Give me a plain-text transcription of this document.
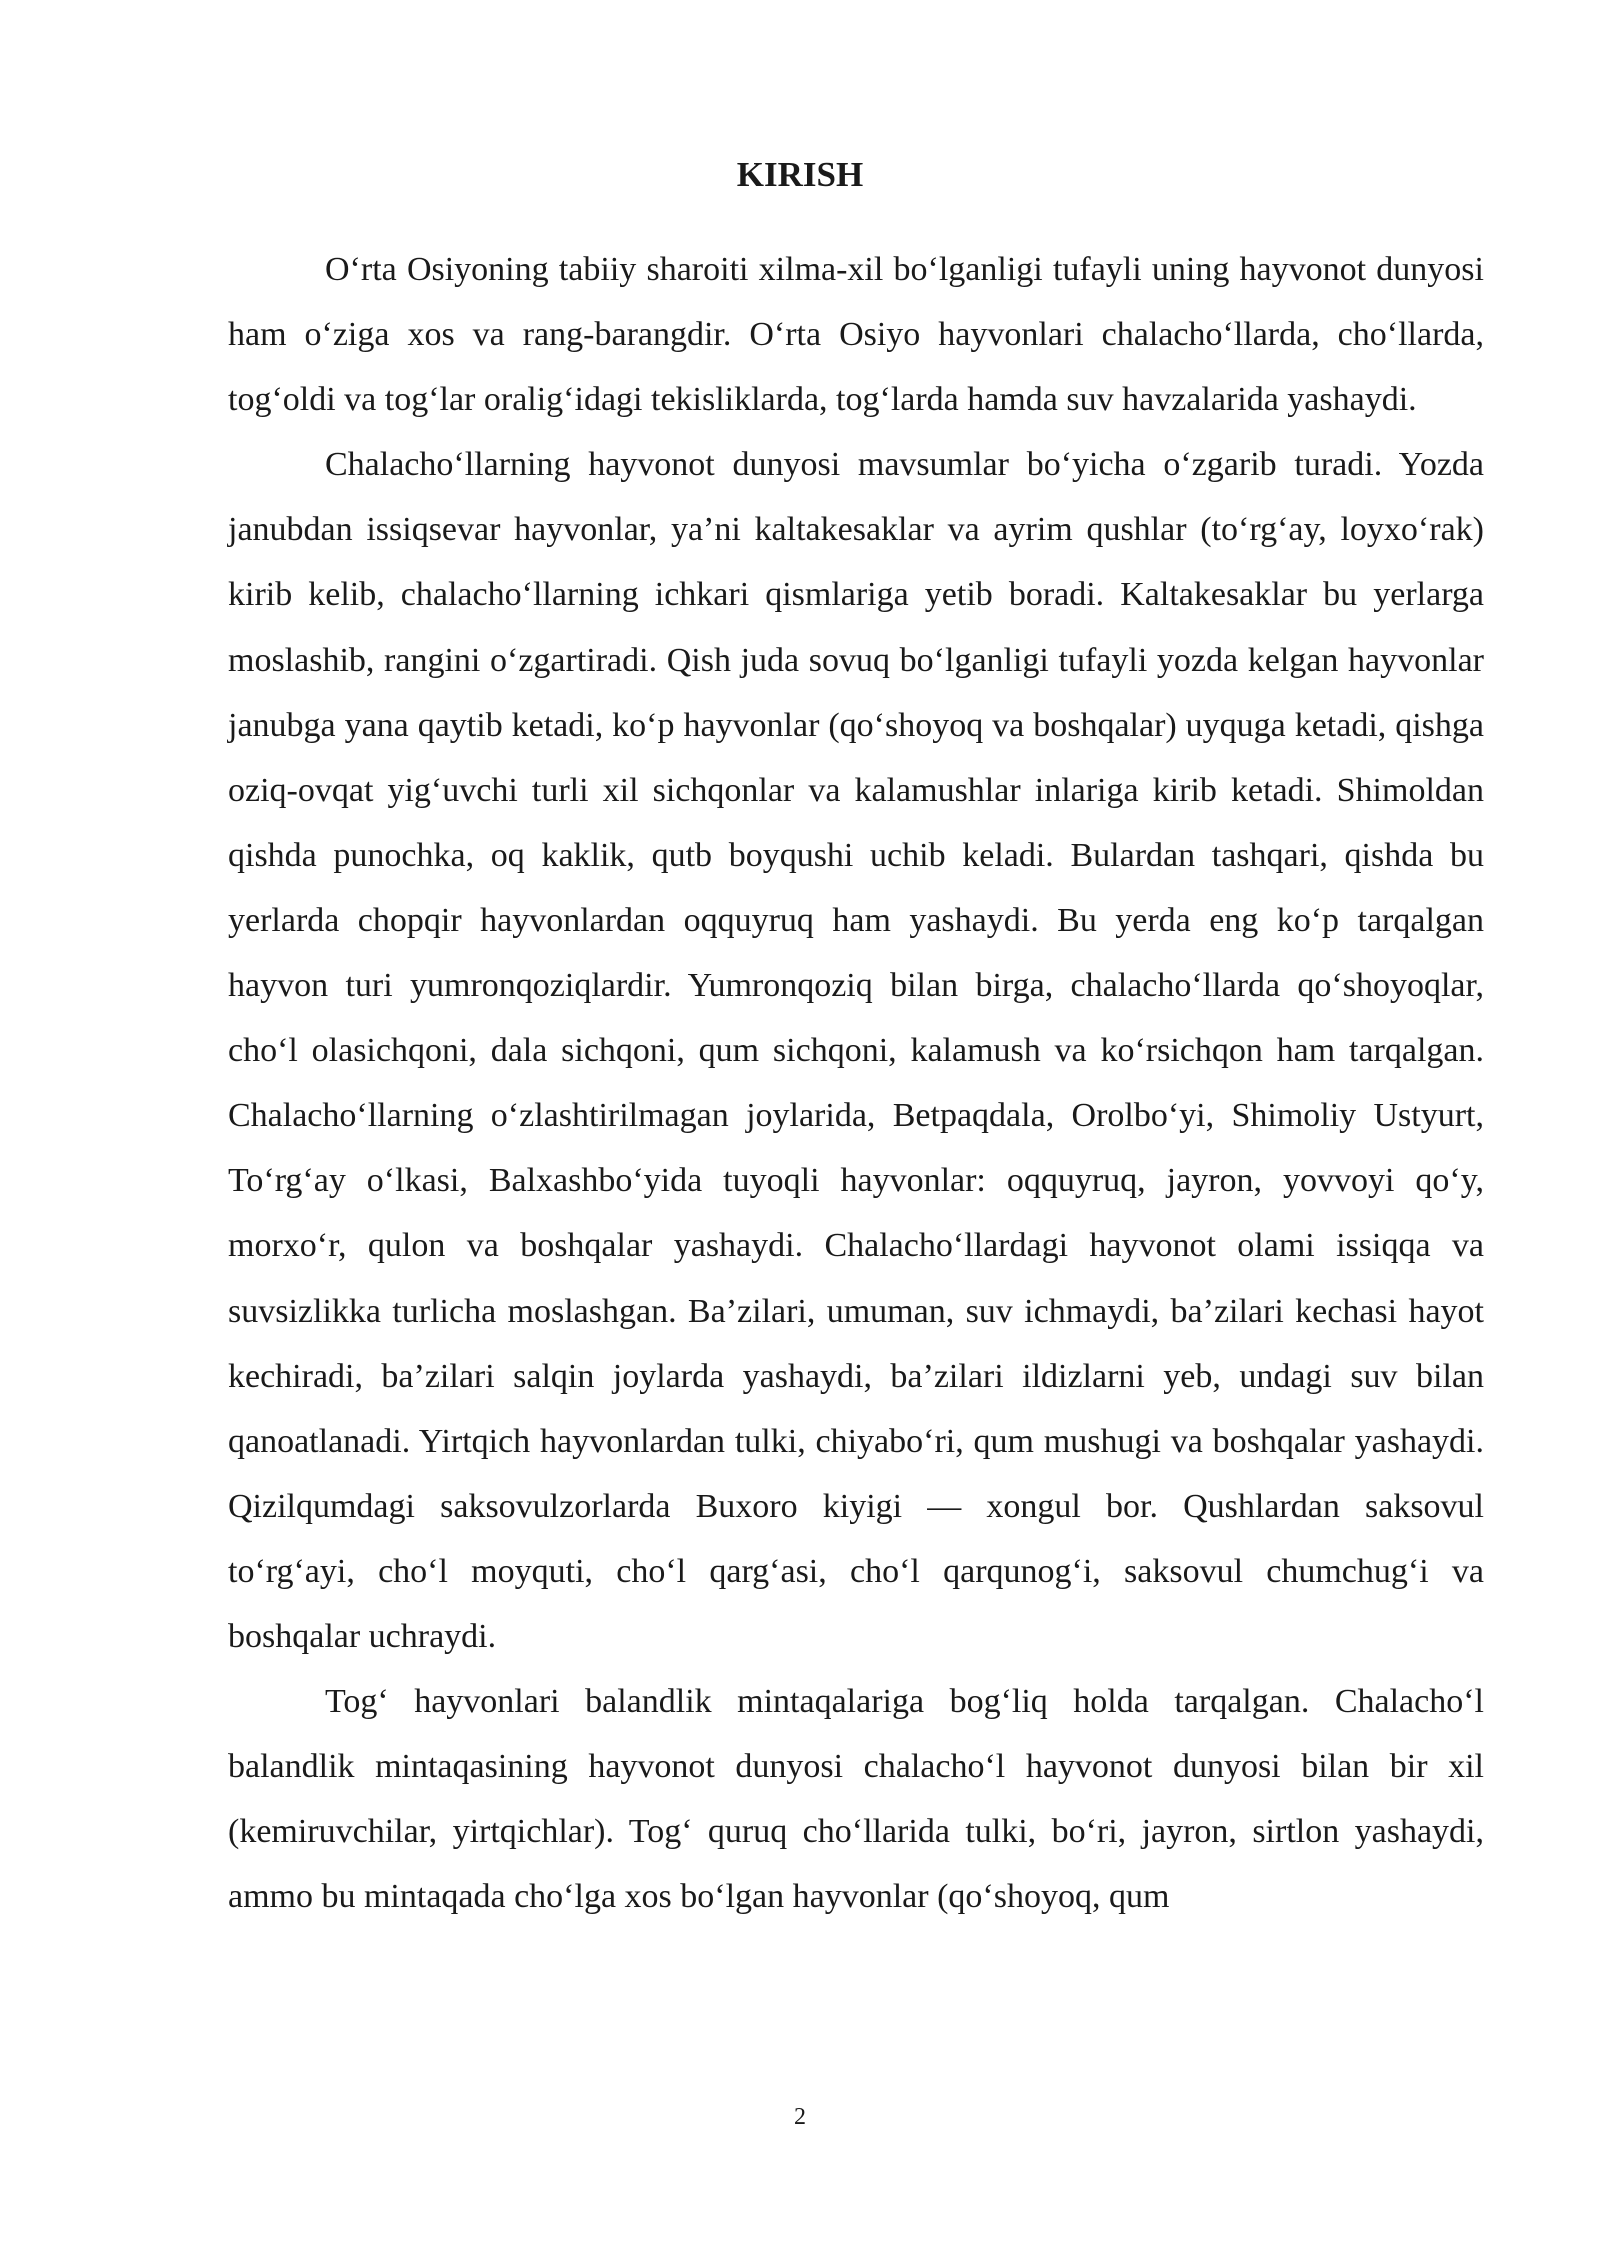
KIRISH

O‘rta Osiyoning tabiiy sharoiti xilma-xil bo‘lganligi tufayli uning hayvonot dunyosi ham o‘ziga xos va rang-barangdir. O‘rta Osiyo hayvonlari chalacho‘llarda, cho‘llarda, tog‘oldi va tog‘lar oralig‘idagi tekisliklarda, tog‘larda hamda suv havzalarida yashaydi.

Chalacho‘llarning hayvonot dunyosi mavsumlar bo‘yicha o‘zgarib turadi. Yozda janubdan issiqsevar hayvonlar, ya’ni kaltakesaklar va ayrim qushlar (to‘rg‘ay, loyxo‘rak) kirib kelib, chalacho‘llarning ichkari qismlariga yetib boradi. Kaltakesaklar bu yerlarga moslashib, rangini o‘zgartiradi. Qish juda sovuq bo‘lganligi tufayli yozda kelgan hayvonlar janubga yana qaytib ketadi, ko‘p hayvonlar (qo‘shoyoq va boshqalar) uyquga ketadi, qishga oziq-ovqat yig‘uvchi turli xil sichqonlar va kalamushlar inlariga kirib ketadi. Shimoldan qishda punochka, oq kaklik, qutb boyqushi uchib keladi. Bulardan tashqari, qishda bu yerlarda chopqir hayvonlardan oqquyruq ham yashaydi. Bu yerda eng ko‘p tarqalgan hayvon turi yumronqoziqlardir. Yumronqoziq bilan birga, chalacho‘llarda qo‘shoyoqlar, cho‘l olasichqoni, dala sichqoni, qum sichqoni, kalamush va ko‘rsichqon ham tarqalgan. Chalacho‘llarning o‘zlashtirilmagan joylarida, Betpaqdala, Orolbo‘yi, Shimoliy Ustyurt, To‘rg‘ay o‘lkasi, Balxashbo‘yida tuyoqli hayvonlar: oqquyruq, jayron, yovvoyi qo‘y, morxo‘r, qulon va boshqalar yashaydi. Chalacho‘llardagi hayvonot olami issiqqa va suvsizlikka turlicha moslashgan. Ba’zilari, umuman, suv ichmaydi, ba’zilari kechasi hayot kechiradi, ba’zilari salqin joylarda yashaydi, ba’zilari ildizlarni yeb, undagi suv bilan qanoatlanadi. Yirtqich hayvonlardan tulki, chiyabo‘ri, qum mushugi va boshqalar yashaydi. Qizilqumdagi saksovulzorlarda Buxoro kiyigi — xongul bor. Qushlardan saksovul to‘rg‘ayi, cho‘l moyquti, cho‘l qarg‘asi, cho‘l qarqunog‘i, saksovul chumchug‘i va boshqalar uchraydi.

Tog‘ hayvonlari balandlik mintaqalariga bog‘liq holda tarqalgan. Chalacho‘l balandlik mintaqasining hayvonot dunyosi chalacho‘l hayvonot dunyosi bilan bir xil (kemiruvchilar, yirtqichlar). Tog‘ quruq cho‘llarida tulki, bo‘ri, jayron, sirtlon yashaydi, ammo bu mintaqada cho‘lga xos bo‘lgan hayvonlar (qo‘shoyoq, qum

2
